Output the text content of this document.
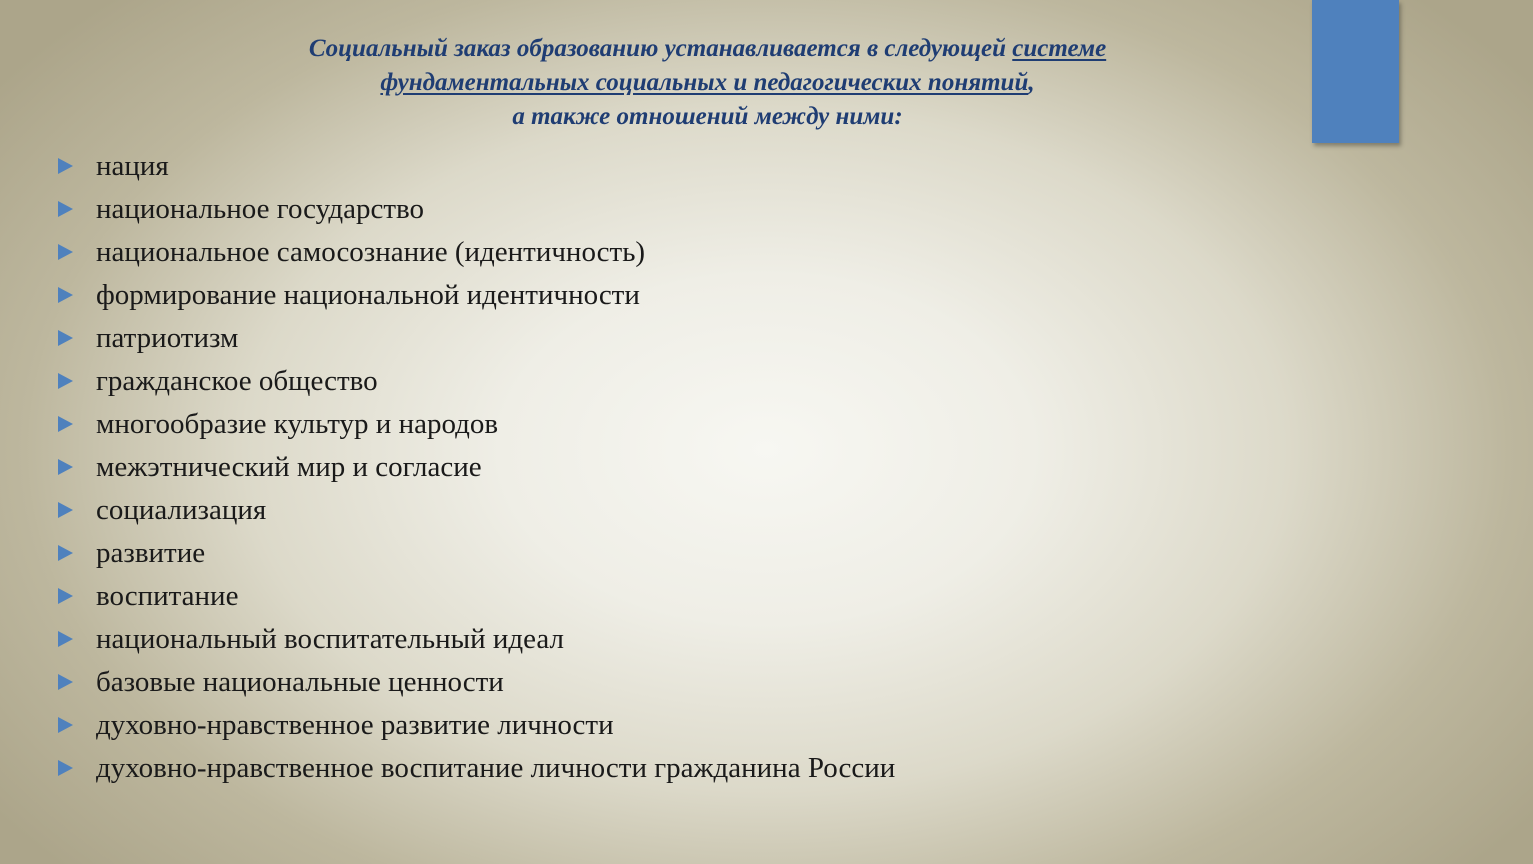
Социальный заказ образованию устанавливается в следующей системе
фундаментальных социальных и педагогических понятий,
а также отношений между ними:
нация
национальное государство
национальное самосознание (идентичность)
формирование национальной идентичности
патриотизм
гражданское общество
многообразие культур и народов
межэтнический мир и согласие
социализация
развитие
воспитание
национальный воспитательный идеал
базовые национальные ценности
духовно-нравственное развитие личности
духовно-нравственное воспитание личности гражданина России
